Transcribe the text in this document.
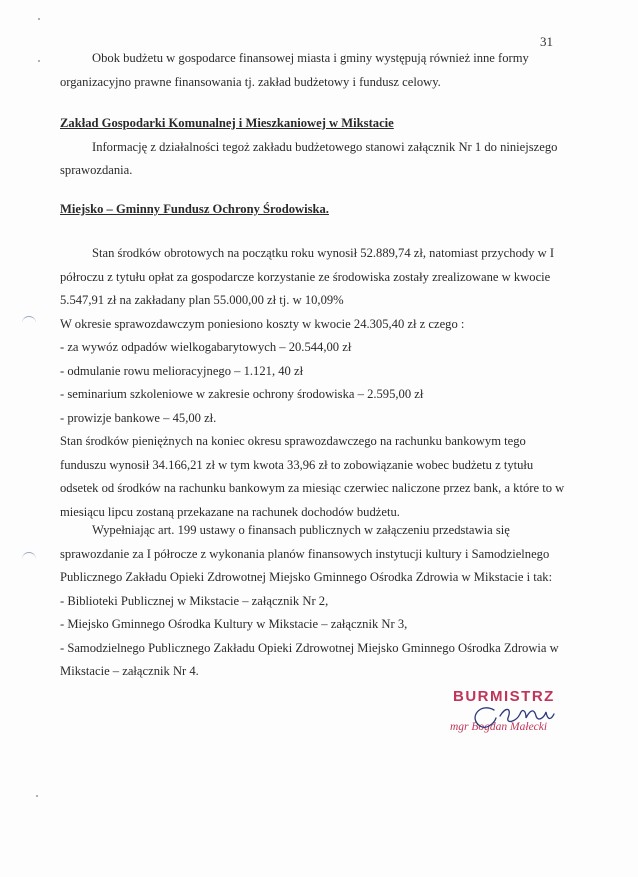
31
Obok budżetu w gospodarce finansowej miasta i gminy występują również inne formy
organizacyjno prawne finansowania tj. zakład budżetowy i fundusz celowy.
Zakład Gospodarki Komunalnej i Mieszkaniowej w Mikstacie
Informację z działalności tegoż zakładu budżetowego stanowi załącznik Nr 1 do niniejszego
sprawozdania.
Miejsko – Gminny Fundusz Ochrony Środowiska.
Stan środków obrotowych na początku roku wynosił 52.889,74 zł, natomiast przychody w I
półroczu z tytułu opłat za gospodarcze korzystanie ze środowiska zostały zrealizowane w kwocie
5.547,91 zł na zakładany plan 55.000,00 zł tj. w 10,09%
W okresie sprawozdawczym poniesiono koszty w kwocie 24.305,40 zł z czego :
- za wywóz odpadów wielkogabarytowych – 20.544,00 zł
- odmulanie rowu melioracyjnego – 1.121, 40 zł
- seminarium szkoleniowe w zakresie ochrony środowiska – 2.595,00 zł
- prowizje bankowe – 45,00 zł.
Stan środków pieniężnych na koniec okresu sprawozdawczego na rachunku bankowym tego
funduszu wynosił 34.166,21 zł w tym kwota 33,96 zł to zobowiązanie wobec budżetu z tytułu
odsetek od środków na rachunku bankowym za miesiąc czerwiec naliczone przez bank, a które to w
miesiącu lipcu zostaną przekazane na rachunek dochodów budżetu.
Wypełniając art. 199 ustawy o finansach publicznych w załączeniu przedstawia się
sprawozdanie za I półrocze z wykonania planów finansowych instytucji kultury i Samodzielnego
Publicznego Zakładu Opieki Zdrowotnej Miejsko Gminnego Ośrodka Zdrowia w Mikstacie i tak:
- Biblioteki Publicznej w Mikstacie – załącznik Nr 2,
- Miejsko Gminnego Ośrodka Kultury w Mikstacie – załącznik Nr 3,
- Samodzielnego Publicznego Zakładu Opieki Zdrowotnej Miejsko Gminnego Ośrodka Zdrowia w
Mikstacie – załącznik Nr 4.
BURMISTRZ
mgr Bogdan Małecki
